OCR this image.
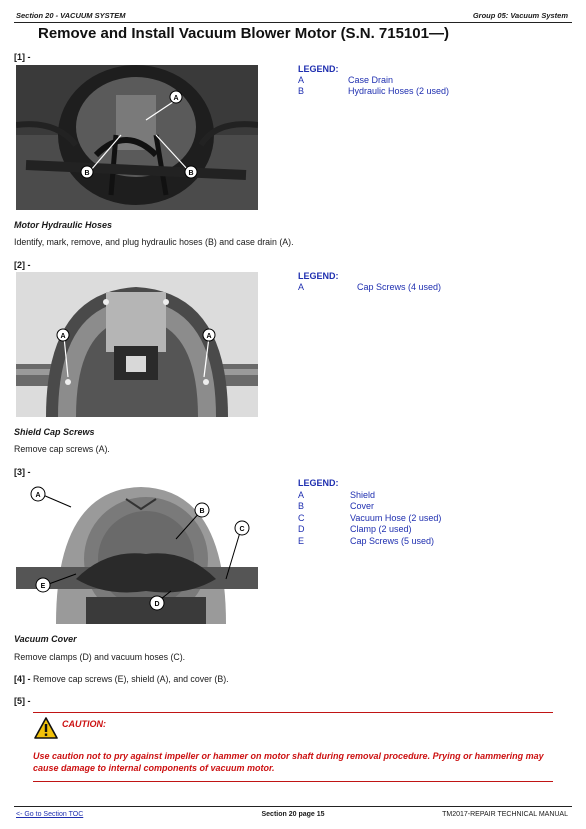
Section 20 - VACUUM SYSTEM	Group 05: Vacuum System
Remove and Install Vacuum Blower Motor (S.N. 715101—)
[1] -
A
B	B
LEGEND:
A	Case Drain
B	Hydraulic Hoses (2 used)
Motor Hydraulic Hoses
Identify, mark, remove, and plug hydraulic hoses (B) and case drain (A).
[2] -
A	A
LEGEND:
A	Cap Screws (4 used)
Shield Cap Screws
Remove cap screws (A).
[3] -
A
B
C
E
D
LEGEND:
A	Shield
B	Cover
C	Vacuum Hose (2 used)
D	Clamp (2 used)
E	Cap Screws (5 used)
Vacuum Cover
Remove clamps (D) and vacuum hoses (C).
[4] - Remove cap screws (E), shield (A), and cover (B).
[5] -
CAUTION:
Use caution not to pry against impeller or hammer on motor shaft during removal procedure. Prying or hammering may cause damage to internal components of vacuum motor.
<- Go to Section TOC	Section 20 page 15	TM2017-REPAIR TECHNICAL MANUAL
